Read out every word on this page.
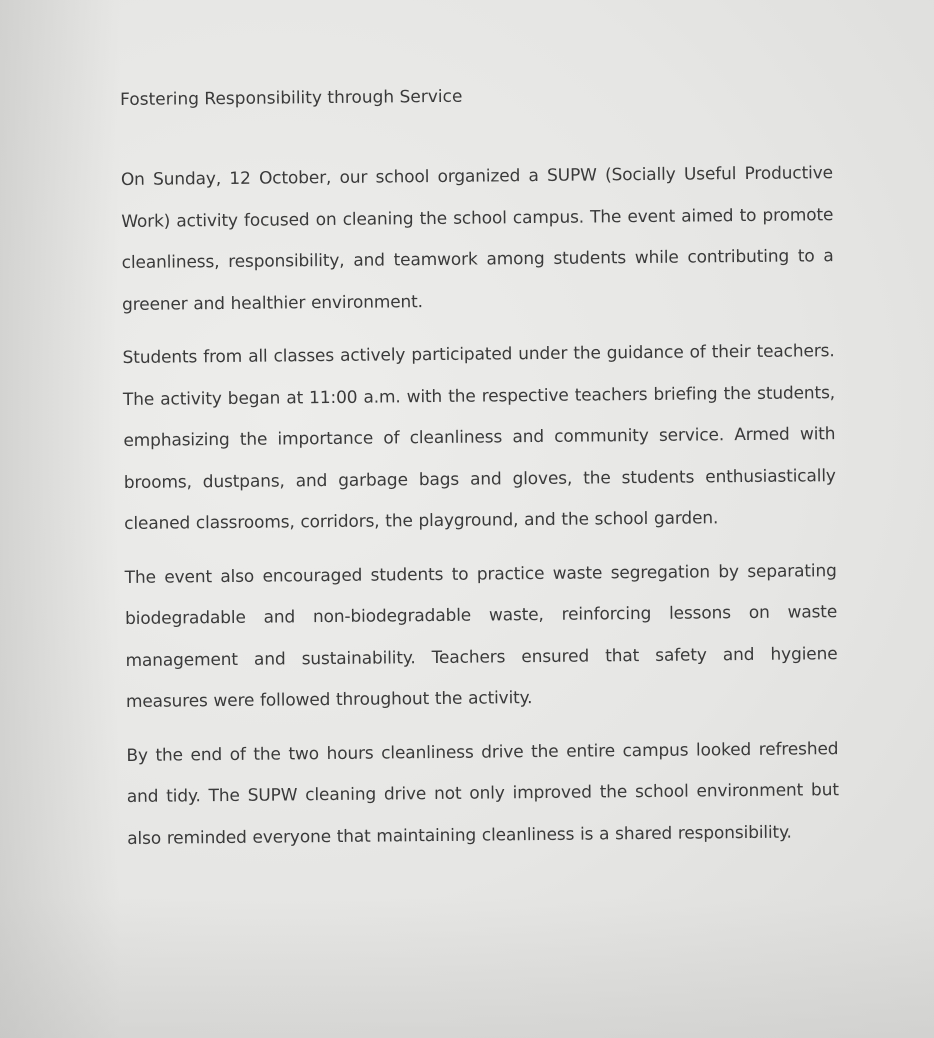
Fostering Responsibility through Service

On Sunday, 12 October, our school organized a SUPW (Socially Useful Productive Work) activity focused on cleaning the school campus. The event aimed to promote cleanliness, responsibility, and teamwork among students while contributing to a greener and healthier environment.

Students from all classes actively participated under the guidance of their teachers. The activity began at 11:00 a.m. with the respective teachers briefing the students, emphasizing the importance of cleanliness and community service. Armed with brooms, dustpans, and garbage bags and gloves, the students enthusiastically cleaned classrooms, corridors, the playground, and the school garden.

The event also encouraged students to practice waste segregation by separating biodegradable and non-biodegradable waste, reinforcing lessons on waste management and sustainability. Teachers ensured that safety and hygiene measures were followed throughout the activity.

By the end of the two hours cleanliness drive the entire campus looked refreshed and tidy. The SUPW cleaning drive not only improved the school environment but also reminded everyone that maintaining cleanliness is a shared responsibility.
